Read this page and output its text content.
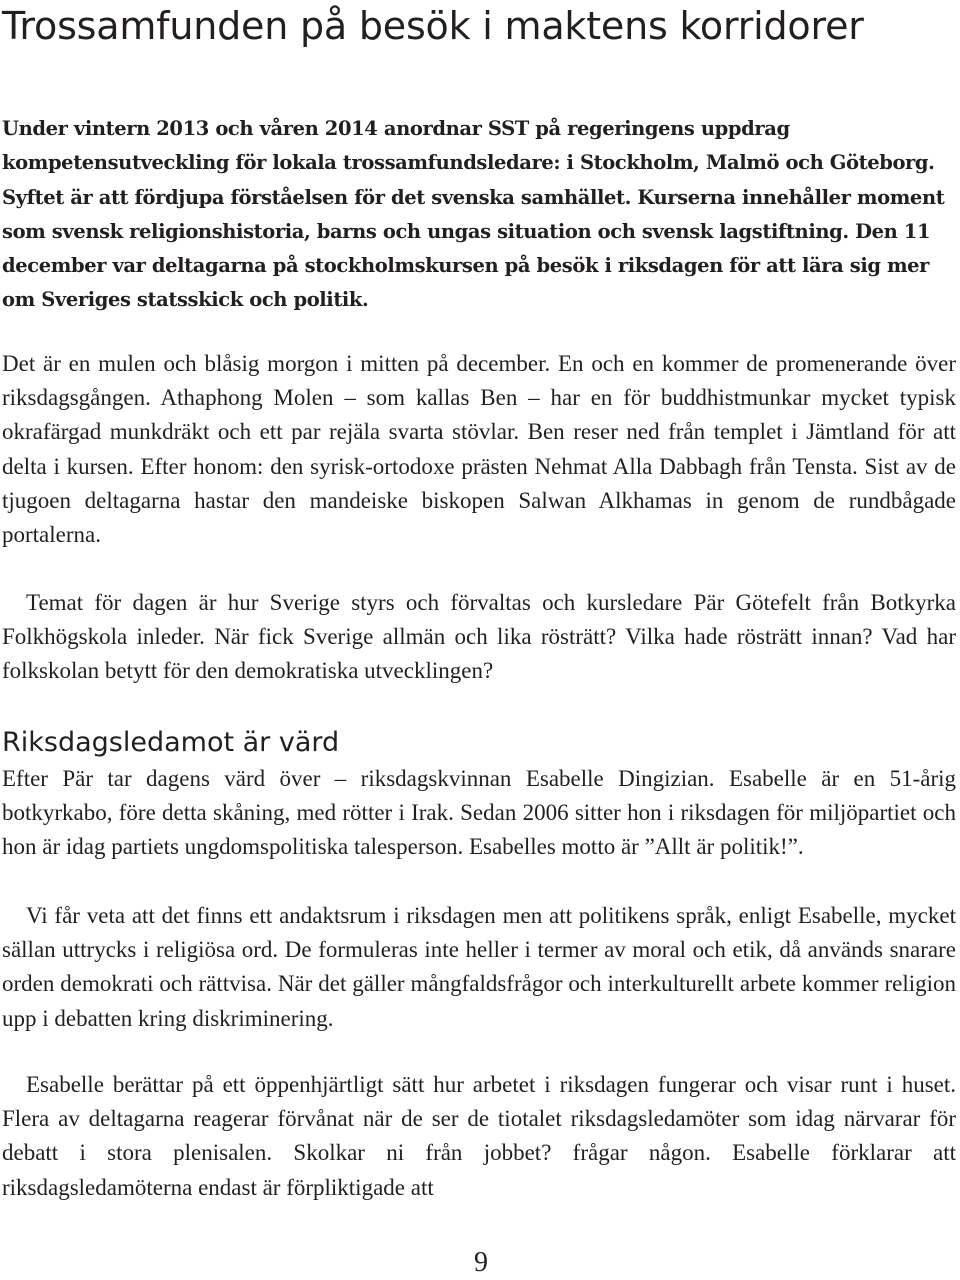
Trossamfunden på besök i maktens korridorer

Under vintern 2013 och våren 2014 anordnar SST på regeringens uppdrag kompetensutveckling för lokala trossamfundsledare: i Stockholm, Malmö och Göteborg. Syftet är att fördjupa förståelsen för det svenska samhället. Kurserna innehåller moment som svensk religionshistoria, barns och ungas situation och svensk lagstiftning. Den 11 december var deltagarna på stockholmskursen på besök i riksdagen för att lära sig mer om Sveriges statsskick och politik.

Det är en mulen och blåsig morgon i mitten på december. En och en kommer de promenerande över riksdagsgången. Athaphong Molen – som kallas Ben – har en för buddhistmunkar mycket typisk okrafärgad munkdräkt och ett par rejäla svarta stövlar. Ben reser ned från templet i Jämtland för att delta i kursen. Efter honom: den syrisk-ortodoxe prästen Nehmat Alla Dabbagh från Tensta. Sist av de tjugoen deltagarna hastar den mandeiske biskopen Salwan Alkhamas in genom de rundbågade portalerna.

Temat för dagen är hur Sverige styrs och förvaltas och kursledare Pär Götefelt från Botkyrka Folkhögskola inleder. När fick Sverige allmän och lika rösträtt? Vilka hade rösträtt innan? Vad har folkskolan betytt för den demokratiska utvecklingen?

Riksdagsledamot är värd

Efter Pär tar dagens värd över – riksdagskvinnan Esabelle Dingizian. Esabelle är en 51-årig botkyrkabo, före detta skåning, med rötter i Irak. Sedan 2006 sitter hon i riksdagen för miljöpartiet och hon är idag partiets ungdomspolitiska talesperson. Esabelles motto är ”Allt är politik!”.

Vi får veta att det finns ett andaktsrum i riksdagen men att politikens språk, enligt Esabelle, mycket sällan uttrycks i religiösa ord. De formuleras inte heller i termer av moral och etik, då används snarare orden demokrati och rättvisa. När det gäller mångfaldsfrågor och interkulturellt arbete kommer religion upp i debatten kring diskriminering.

Esabelle berättar på ett öppenhjärtligt sätt hur arbetet i riksdagen fungerar och visar runt i huset. Flera av deltagarna reagerar förvånat när de ser de tiotalet riksdagsledamöter som idag närvarar för debatt i stora plenisalen. Skolkar ni från jobbet? frågar någon. Esabelle förklarar att riksdagsledamöterna endast är förpliktigade att

9
